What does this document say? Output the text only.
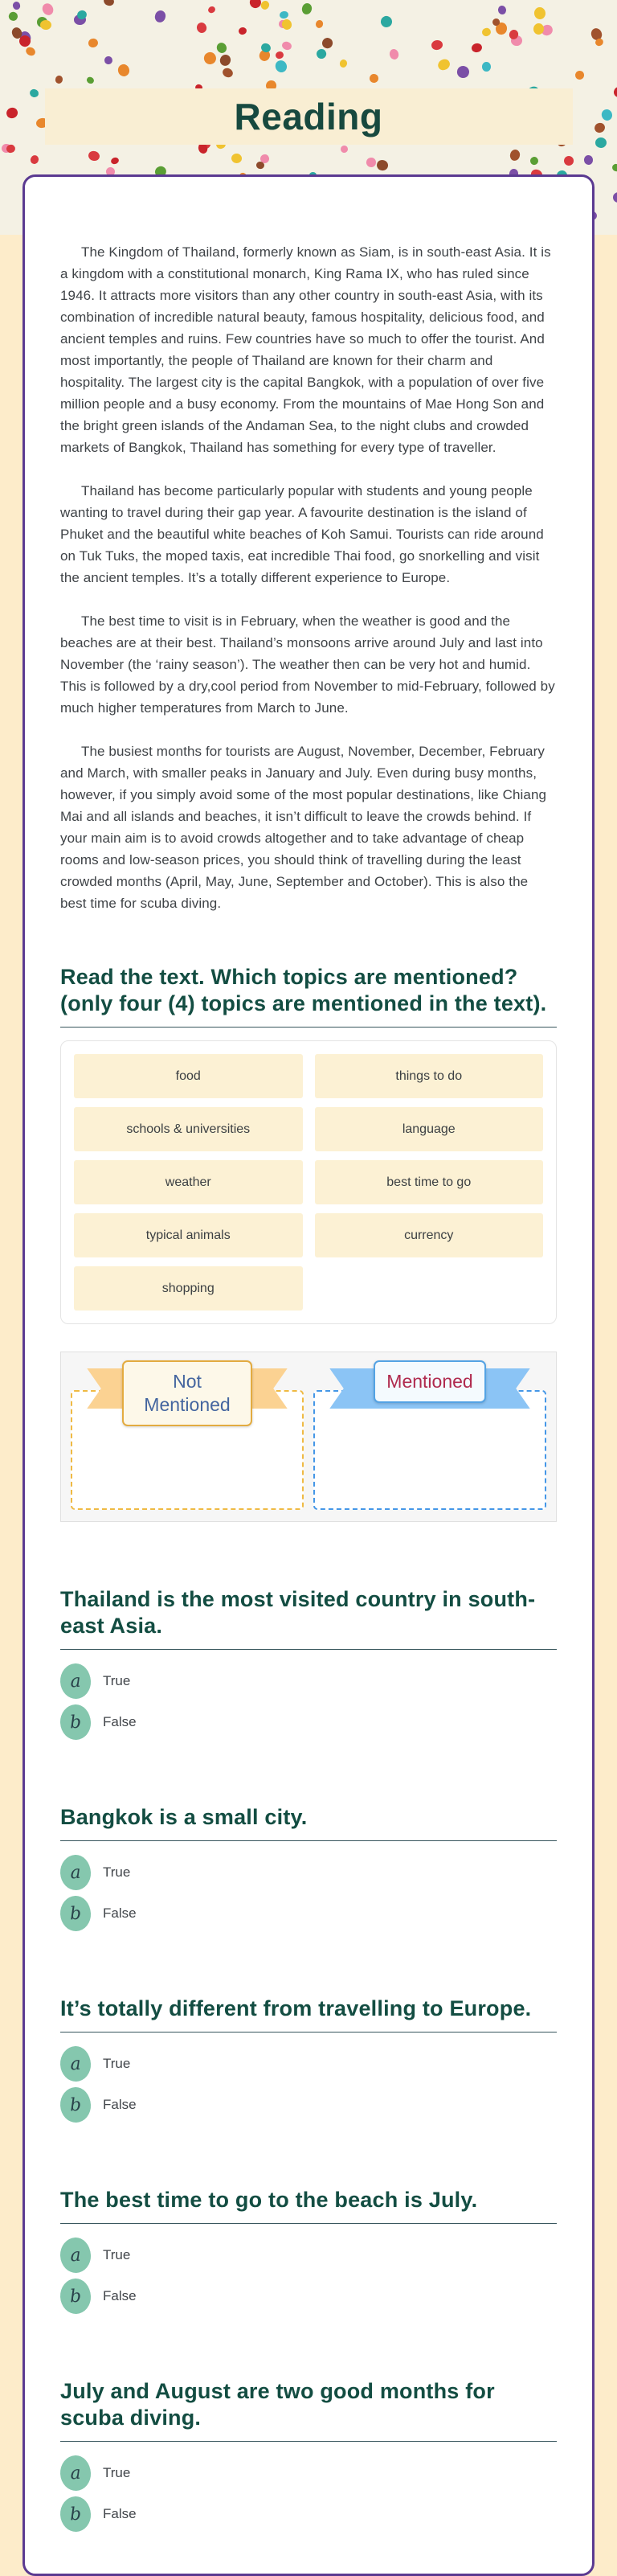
Reading

The Kingdom of Thailand, formerly known as Siam, is in south-east Asia. It is a kingdom with a constitutional monarch, King Rama IX, who has ruled since 1946. It attracts more visitors than any other country in south-east Asia, with its combination of incredible natural beauty, famous hospitality, delicious food, and ancient temples and ruins. Few countries have so much to offer the tourist. And most importantly, the people of Thailand are known for their charm and hospitality. The largest city is the capital Bangkok, with a population of over five million people and a busy economy. From the mountains of Mae Hong Son and the bright green islands of the Andaman Sea, to the night clubs and crowded markets of Bangkok, Thailand has something for every type of traveller.

Thailand has become particularly popular with students and young people wanting to travel during their gap year. A favourite destination is the island of Phuket and the beautiful white beaches of Koh Samui. Tourists can ride around on Tuk Tuks, the moped taxis, eat incredible Thai food, go snorkelling and visit the ancient temples. It’s a totally different experience to Europe.

The best time to visit is in February, when the weather is good and the beaches are at their best. Thailand’s monsoons arrive around July and last into November (the ‘rainy season’). The weather then can be very hot and humid. This is followed by a dry,cool period from November to mid-February, followed by much higher temperatures from March to June.

The busiest months for tourists are August, November, December, February and March, with smaller peaks in January and July. Even during busy months, however, if you simply avoid some of the most popular destinations, like Chiang Mai and all islands and beaches, it isn’t difficult to leave the crowds behind. If your main aim is to avoid crowds altogether and to take advantage of cheap rooms and low-season prices, you should think of travelling during the least crowded months (April, May, June, September and October). This is also the best time for scuba diving.

Read the text. Which topics are mentioned? (only four (4) topics are mentioned in the text).
food	things to do
schools & universities	language
weather	best time to go
typical animals	currency
shopping
Not Mentioned
Mentioned
Thailand is the most visited country in south-east Asia.
a	True
b	False
Bangkok is a small city.
a	True
b	False
It’s totally different from travelling to Europe.
a	True
b	False
The best time to go to the beach is July.
a	True
b	False
July and August are two good months for scuba diving.
a	True
b	False
